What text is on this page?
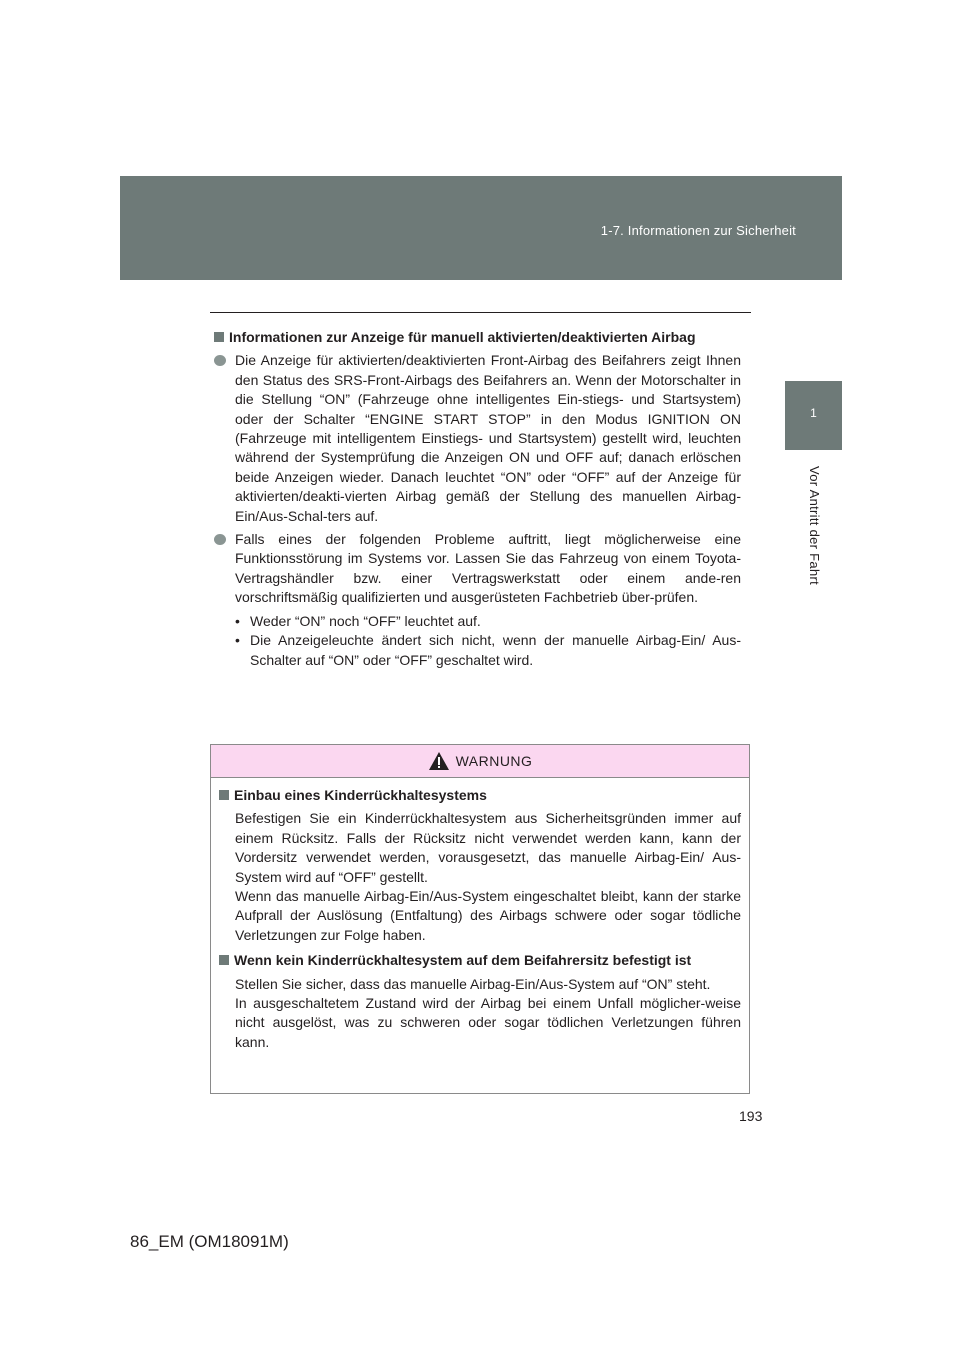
1-7. Informationen zur Sicherheit
1
Vor Antritt der Fahrt
Informationen zur Anzeige für manuell aktivierten/deaktivierten Airbag

Die Anzeige für aktivierten/deaktivierten Front-Airbag des Beifahrers zeigt Ihnen den Status des SRS-Front-Airbags des Beifahrers an. Wenn der Motorschalter in die Stellung “ON” (Fahrzeuge ohne intelligentes Ein-stiegs- und Startsystem) oder der Schalter “ENGINE START STOP” in den Modus IGNITION ON (Fahrzeuge mit intelligentem Einstiegs- und Startsystem) gestellt wird, leuchten während der Systemprüfung die Anzeigen ON und OFF auf; danach erlöschen beide Anzeigen wieder. Danach leuchtet “ON” oder “OFF” auf der Anzeige für aktivierten/deakti-vierten Airbag gemäß der Stellung des manuellen Airbag-Ein/Aus-Schal-ters auf.

Falls eines der folgenden Probleme auftritt, liegt möglicherweise eine Funktionsstörung im Systems vor. Lassen Sie das Fahrzeug von einem Toyota-Vertragshändler bzw. einer Vertragswerkstatt oder einem ande-ren vorschriftsmäßig qualifizierten und ausgerüsteten Fachbetrieb über-prüfen.

• Weder “ON” noch “OFF” leuchtet auf.

• Die Anzeigeleuchte ändert sich nicht, wenn der manuelle Airbag-Ein/ Aus-Schalter auf “ON” oder “OFF” geschaltet wird.

WARNUNG
Einbau eines Kinderrückhaltesystems

Befestigen Sie ein Kinderrückhaltesystem aus Sicherheitsgründen immer auf einem Rücksitz. Falls der Rücksitz nicht verwendet werden kann, kann der Vordersitz verwendet werden, vorausgesetzt, das manuelle Airbag-Ein/ Aus-System wird auf “OFF” gestellt.
Wenn das manuelle Airbag-Ein/Aus-System eingeschaltet bleibt, kann der starke Aufprall der Auslösung (Entfaltung) des Airbags schwere oder sogar tödliche Verletzungen zur Folge haben.

Wenn kein Kinderrückhaltesystem auf dem Beifahrersitz befestigt ist

Stellen Sie sicher, dass das manuelle Airbag-Ein/Aus-System auf “ON” steht.
In ausgeschaltetem Zustand wird der Airbag bei einem Unfall möglicher-weise nicht ausgelöst, was zu schweren oder sogar tödlichen Verletzungen führen kann.

193
86_EM (OM18091M)
